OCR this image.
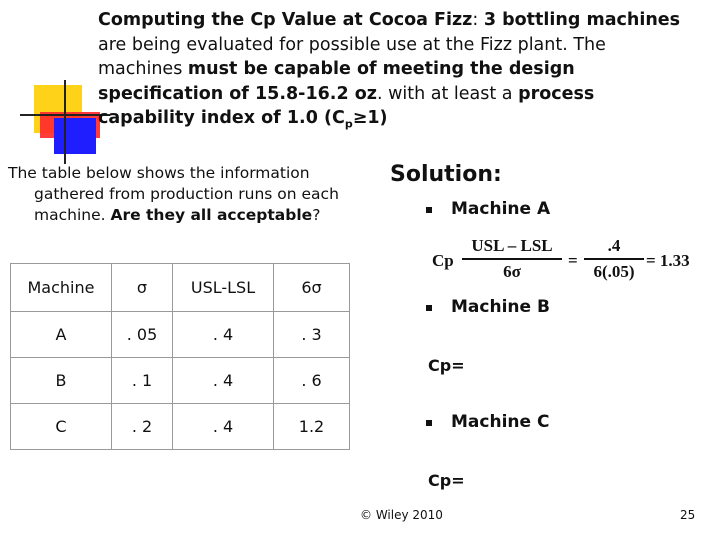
Computing the Cp Value at Cocoa Fizz: 3 bottling machines
are being evaluated for possible use at the Fizz plant. The
machines must be capable of meeting the design
specification of 15.8-16.2 oz. with at least a process
capability index of 1.0 $(C_p\ge 1)$
The table below shows the information
gathered from production runs on each
machine. Are they all acceptable?
Machine	σ	USL-LSL	6σ
A	. 05	. 4	. 3
B	. 1	. 4	. 6
C	. 2	. 4	1.2
Solution:
Machine A
Cp
USL – LSL
6σ
=
.4
6(.05)
= 1.33
Machine B
Cp=
Machine C
Cp=
© Wiley 2010	25
